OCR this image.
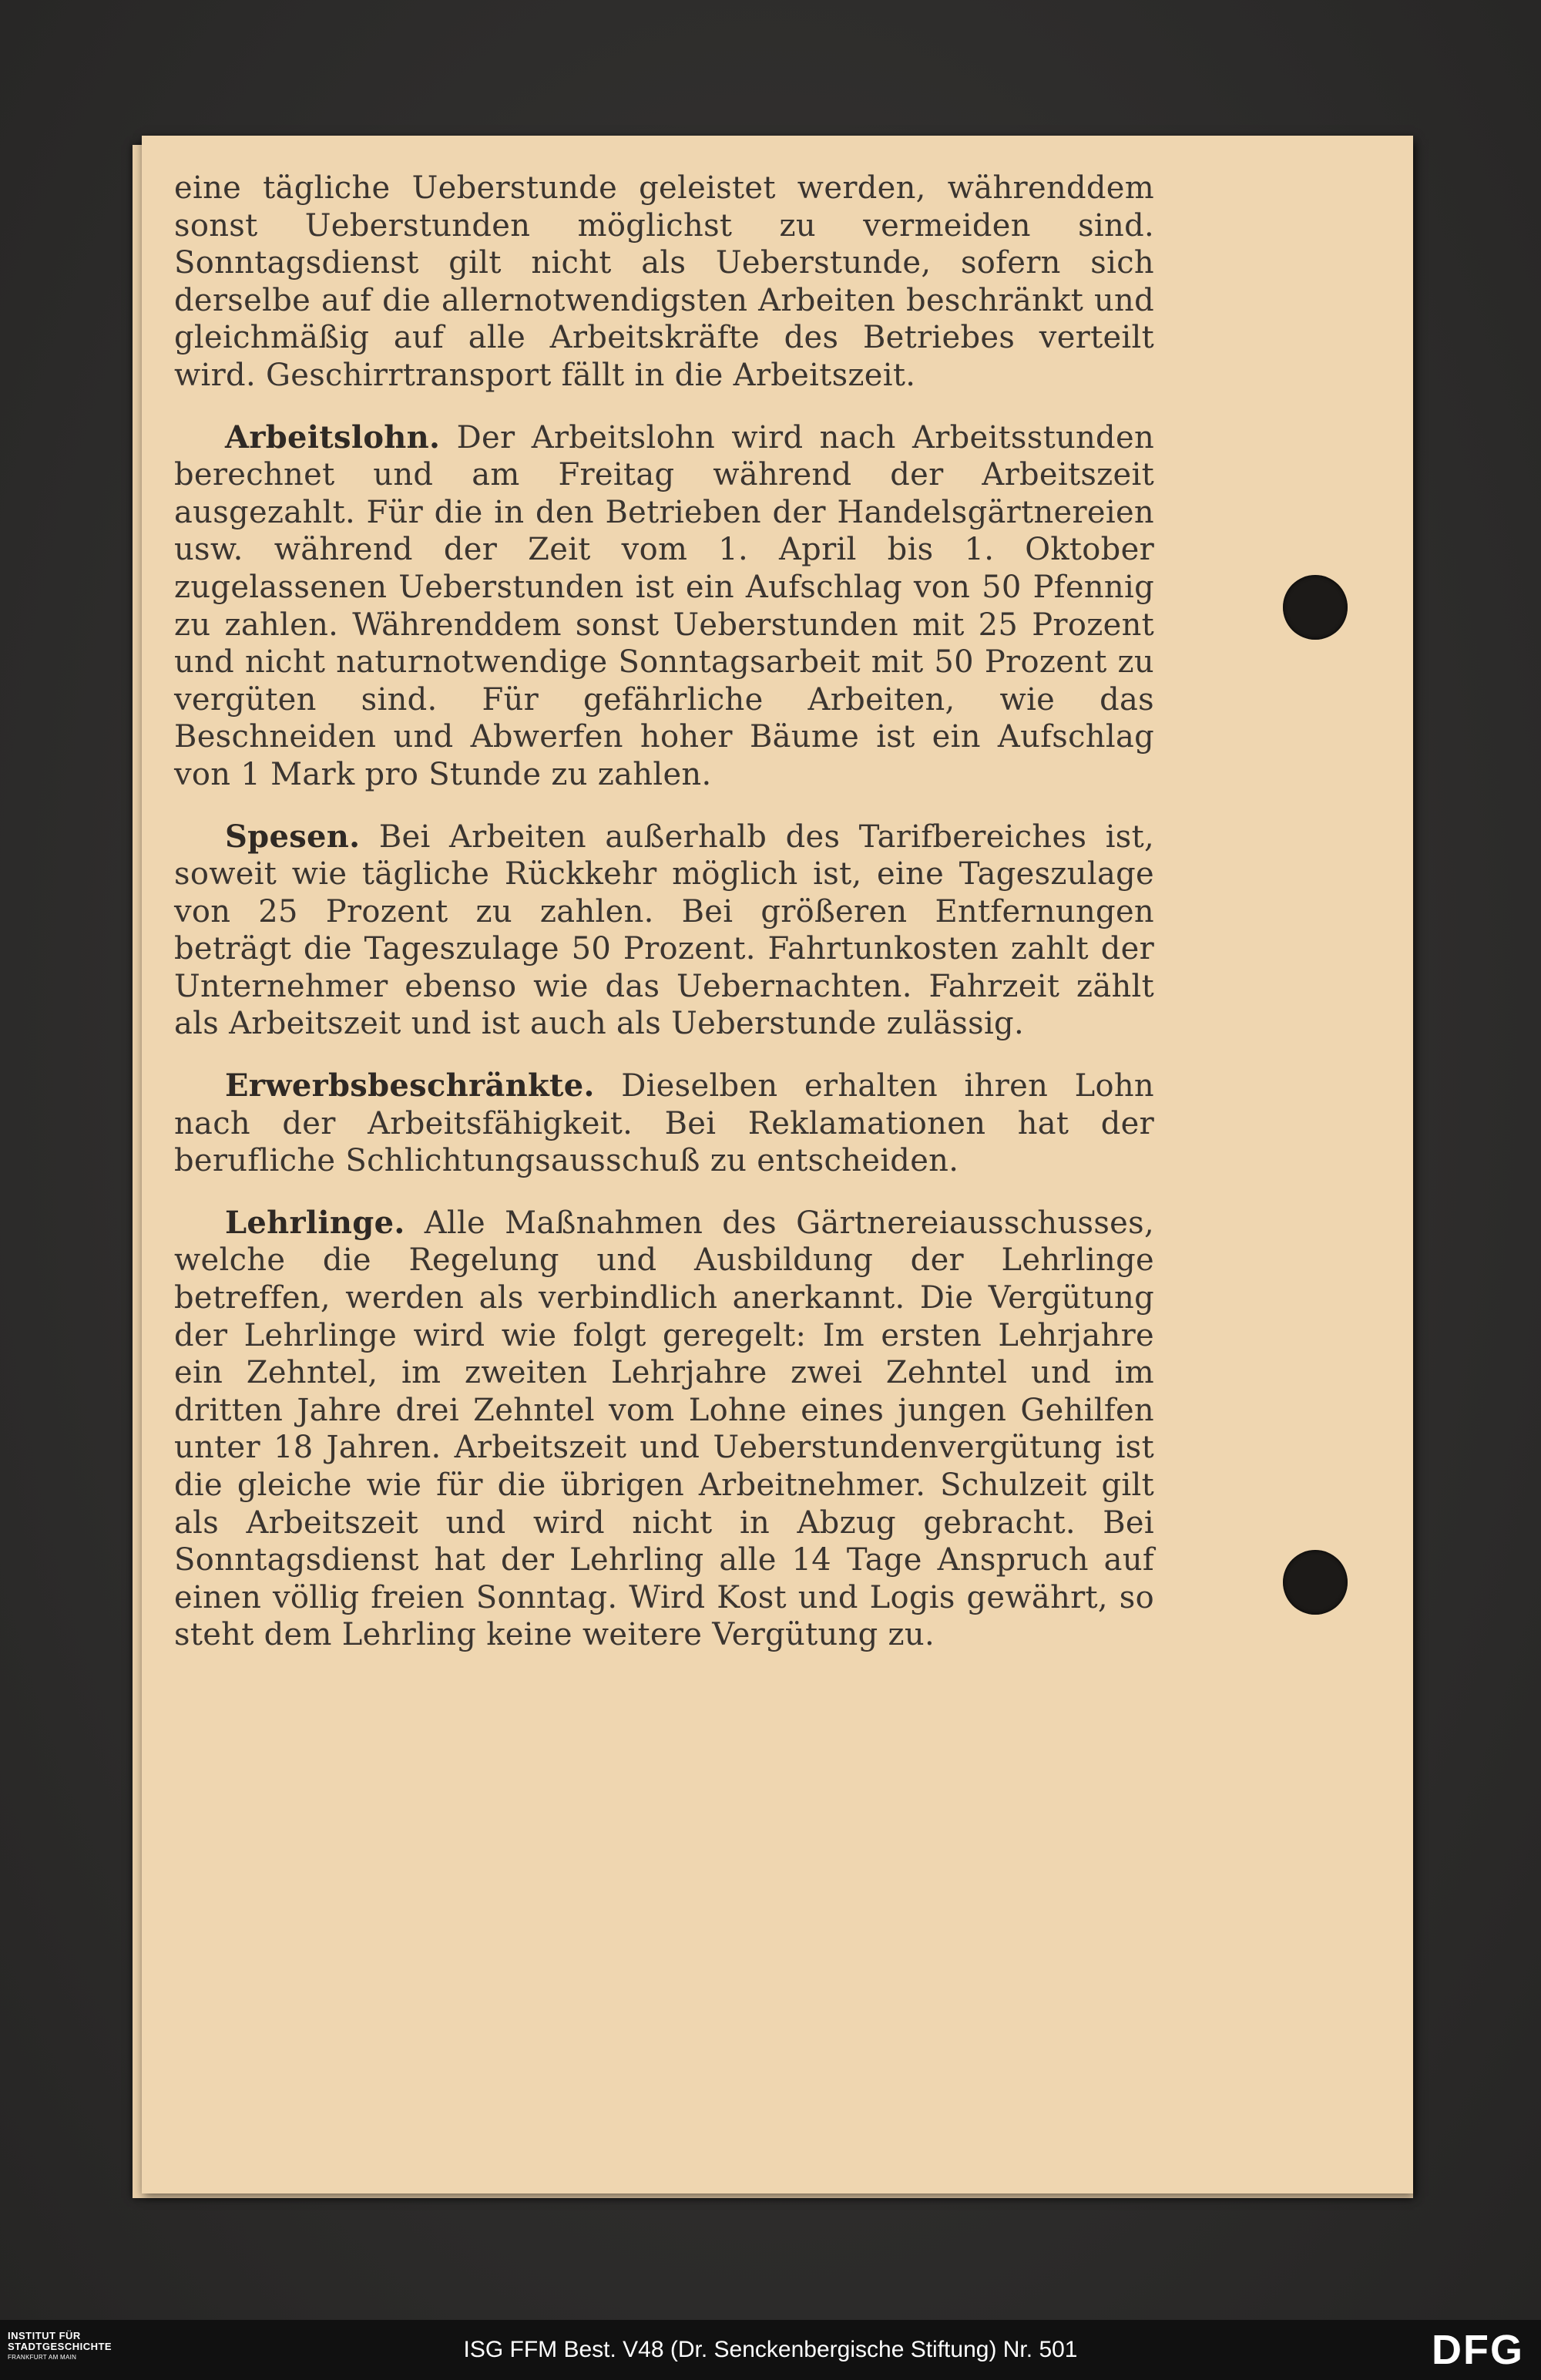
eine tägliche Ueberstunde geleistet werden, währenddem sonst Ueberstunden möglichst zu vermeiden sind. Sonntagsdienst gilt nicht als Ueberstunde, sofern sich derselbe auf die allernotwendigsten Arbeiten beschränkt und gleichmäßig auf alle Arbeitskräfte des Betriebes verteilt wird. Geschirrtransport fällt in die Arbeitszeit.

Arbeitslohn. Der Arbeitslohn wird nach Arbeitsstunden berechnet und am Freitag während der Arbeitszeit ausgezahlt. Für die in den Betrieben der Handelsgärtnereien usw. während der Zeit vom 1. April bis 1. Oktober zugelassenen Ueberstunden ist ein Aufschlag von 50 Pfennig zu zahlen. Währenddem sonst Ueberstunden mit 25 Prozent und nicht naturnotwendige Sonntagsarbeit mit 50 Prozent zu vergüten sind. Für gefährliche Arbeiten, wie das Beschneiden und Abwerfen hoher Bäume ist ein Aufschlag von 1 Mark pro Stunde zu zahlen.

Spesen. Bei Arbeiten außerhalb des Tarifbereiches ist, soweit wie tägliche Rückkehr möglich ist, eine Tageszulage von 25 Prozent zu zahlen. Bei größeren Entfernungen beträgt die Tageszulage 50 Prozent. Fahrtunkosten zahlt der Unternehmer ebenso wie das Uebernachten. Fahrzeit zählt als Arbeitszeit und ist auch als Ueberstunde zulässig.

Erwerbsbeschränkte. Dieselben erhalten ihren Lohn nach der Arbeitsfähigkeit. Bei Reklamationen hat der berufliche Schlichtungsausschuß zu entscheiden.

Lehrlinge. Alle Maßnahmen des Gärtnereiausschusses, welche die Regelung und Ausbildung der Lehrlinge betreffen, werden als verbindlich anerkannt. Die Vergütung der Lehrlinge wird wie folgt geregelt: Im ersten Lehrjahre ein Zehntel, im zweiten Lehrjahre zwei Zehntel und im dritten Jahre drei Zehntel vom Lohne eines jungen Gehilfen unter 18 Jahren. Arbeitszeit und Ueberstundenvergütung ist die gleiche wie für die übrigen Arbeitnehmer. Schulzeit gilt als Arbeitszeit und wird nicht in Abzug gebracht. Bei Sonntagsdienst hat der Lehrling alle 14 Tage Anspruch auf einen völlig freien Sonntag. Wird Kost und Logis gewährt, so steht dem Lehrling keine weitere Vergütung zu.

INSTITUT FÜR
STADTGESCHICHTE
FRANKFURT AM MAIN	ISG FFM Best. V48 (Dr. Senckenbergische Stiftung) Nr. 501	DFG
